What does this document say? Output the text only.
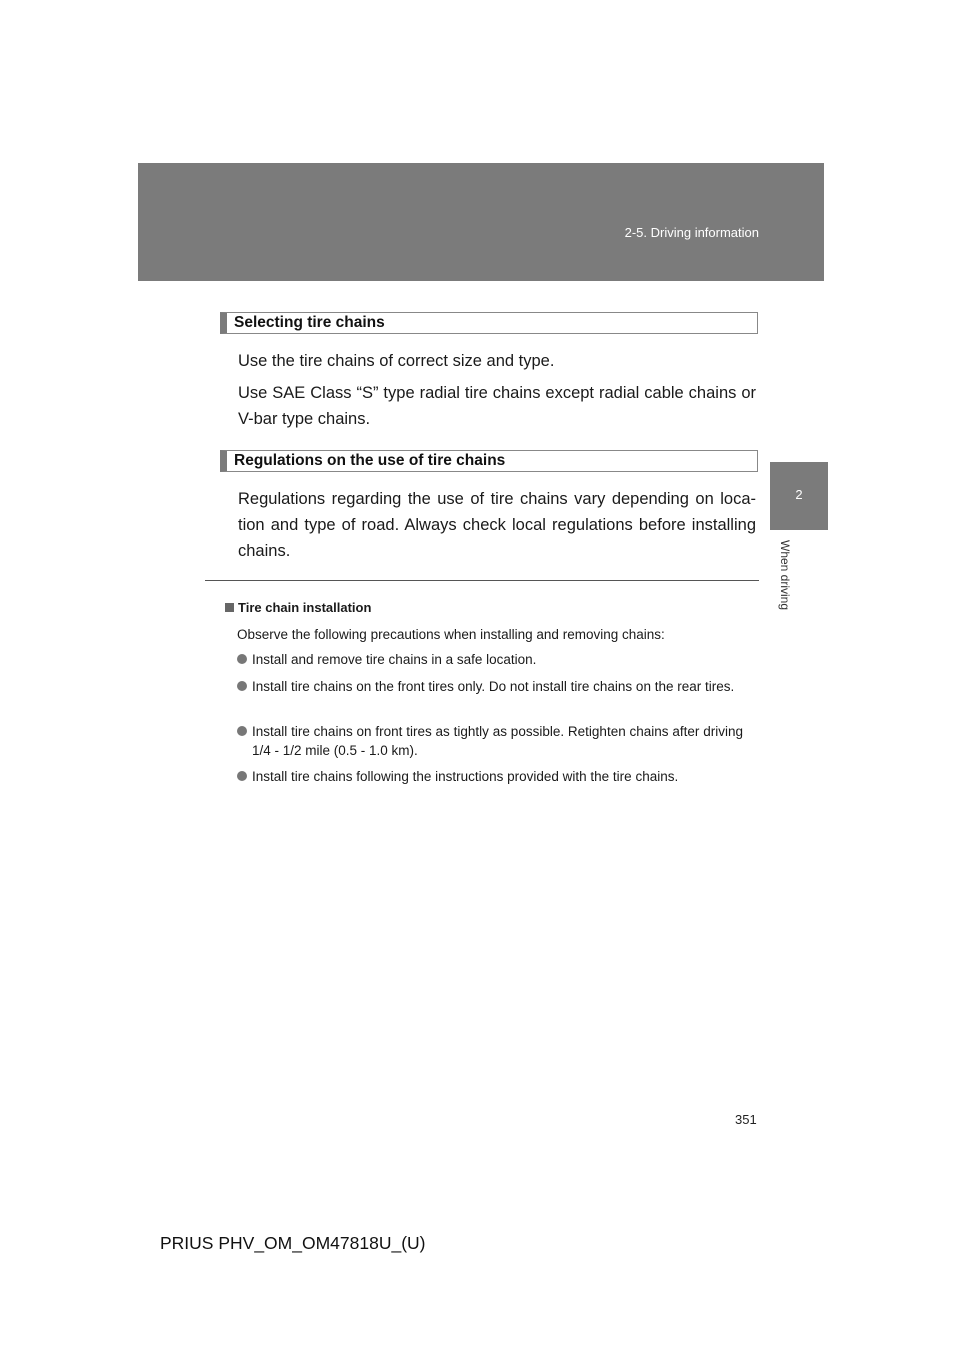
2-5. Driving information
2
When driving
Selecting tire chains

Use the tire chains of correct size and type.

Use SAE Class “S” type radial tire chains except radial cable chains or V-bar type chains.

Regulations on the use of tire chains

Regulations regarding the use of tire chains vary depending on loca-tion and type of road. Always check local regulations before installing chains.

Tire chain installation

Observe the following precautions when installing and removing chains:

Install and remove tire chains in a safe location.
Install tire chains on the front tires only. Do not install tire chains on the rear tires.
Install tire chains on front tires as tightly as possible. Retighten chains after driving 1/4 - 1/2 mile (0.5 - 1.0 km).
Install tire chains following the instructions provided with the tire chains.
351
PRIUS PHV_OM_OM47818U_(U)
